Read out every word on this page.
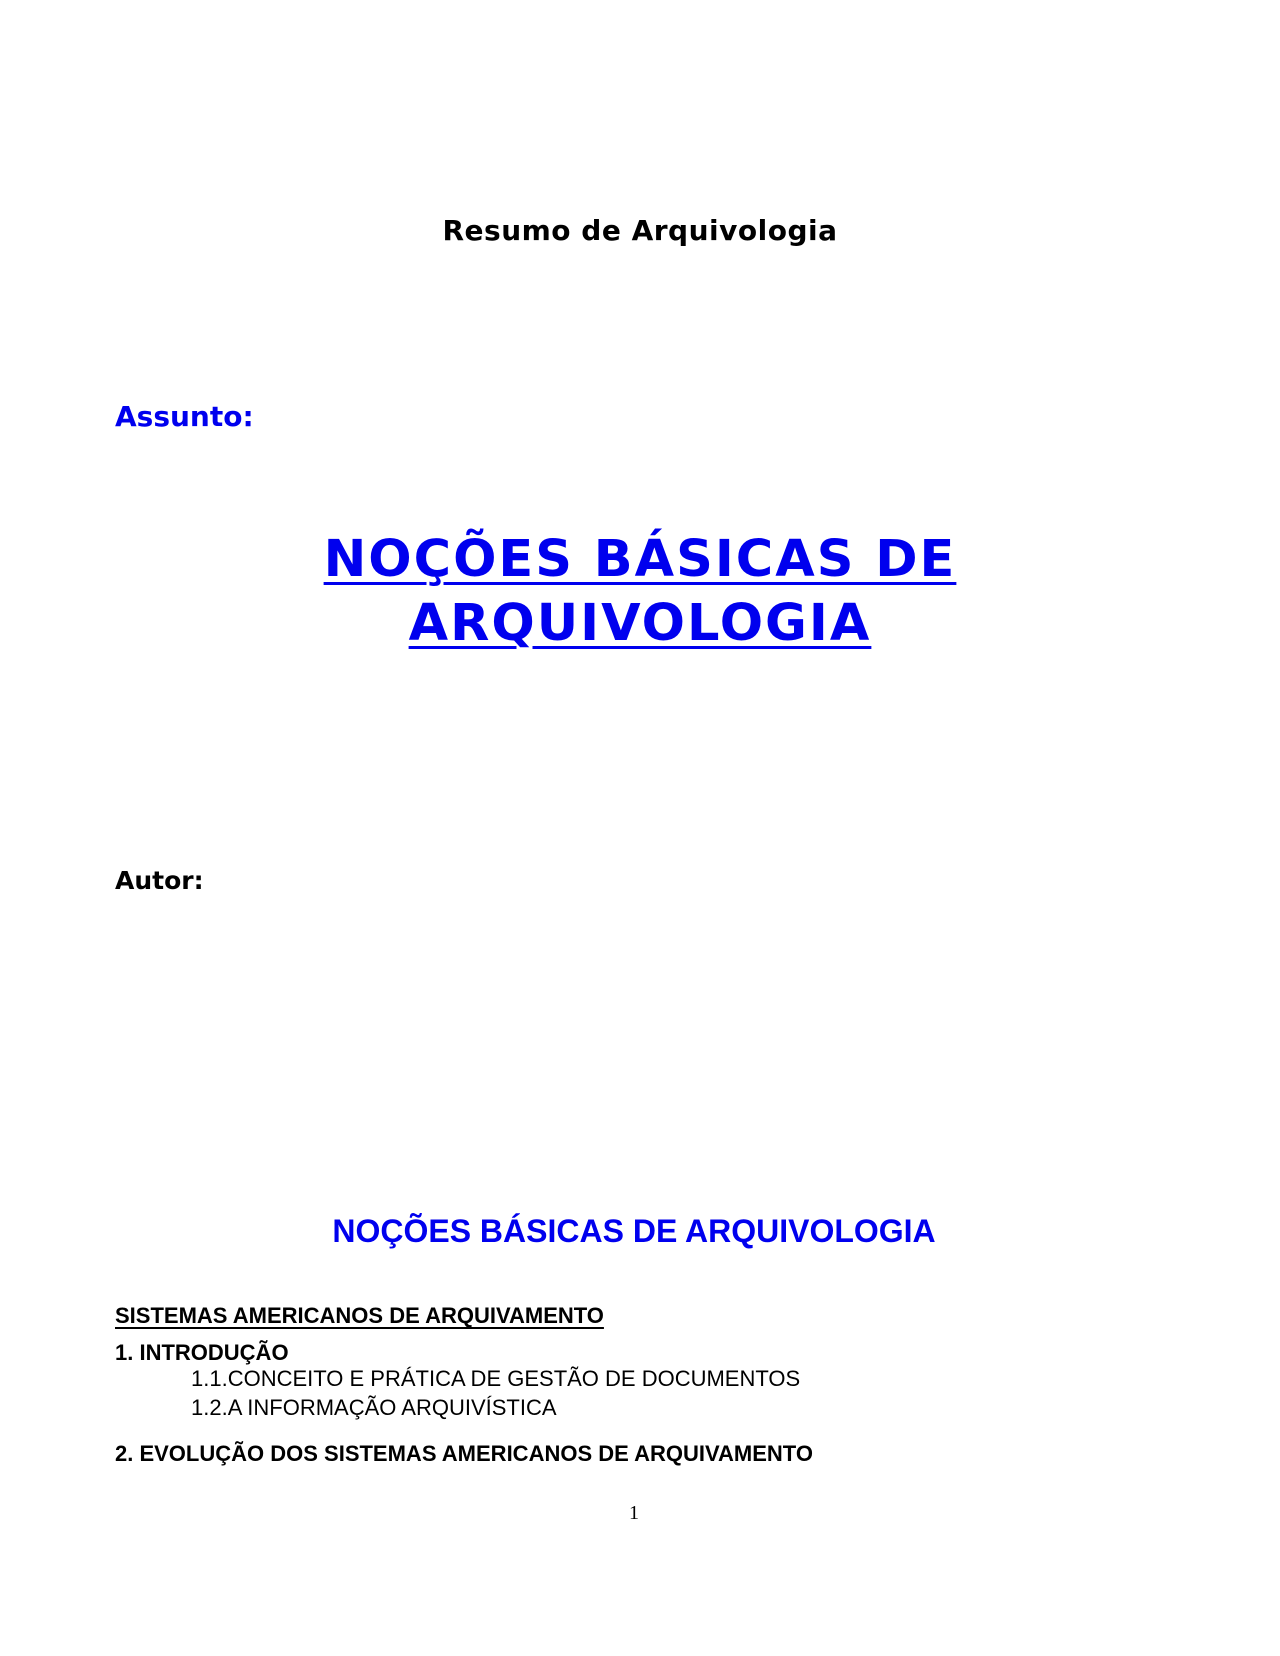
Resumo de Arquivologia
Assunto:
NOÇÕES BÁSICAS DE
ARQUIVOLOGIA
Autor:
NOÇÕES BÁSICAS DE ARQUIVOLOGIA
SISTEMAS AMERICANOS DE ARQUIVAMENTO
1. INTRODUÇÃO
1.1.CONCEITO E PRÁTICA DE GESTÃO DE DOCUMENTOS
1.2.A INFORMAÇÃO ARQUIVÍSTICA
2. EVOLUÇÃO DOS SISTEMAS AMERICANOS DE ARQUIVAMENTO
1
